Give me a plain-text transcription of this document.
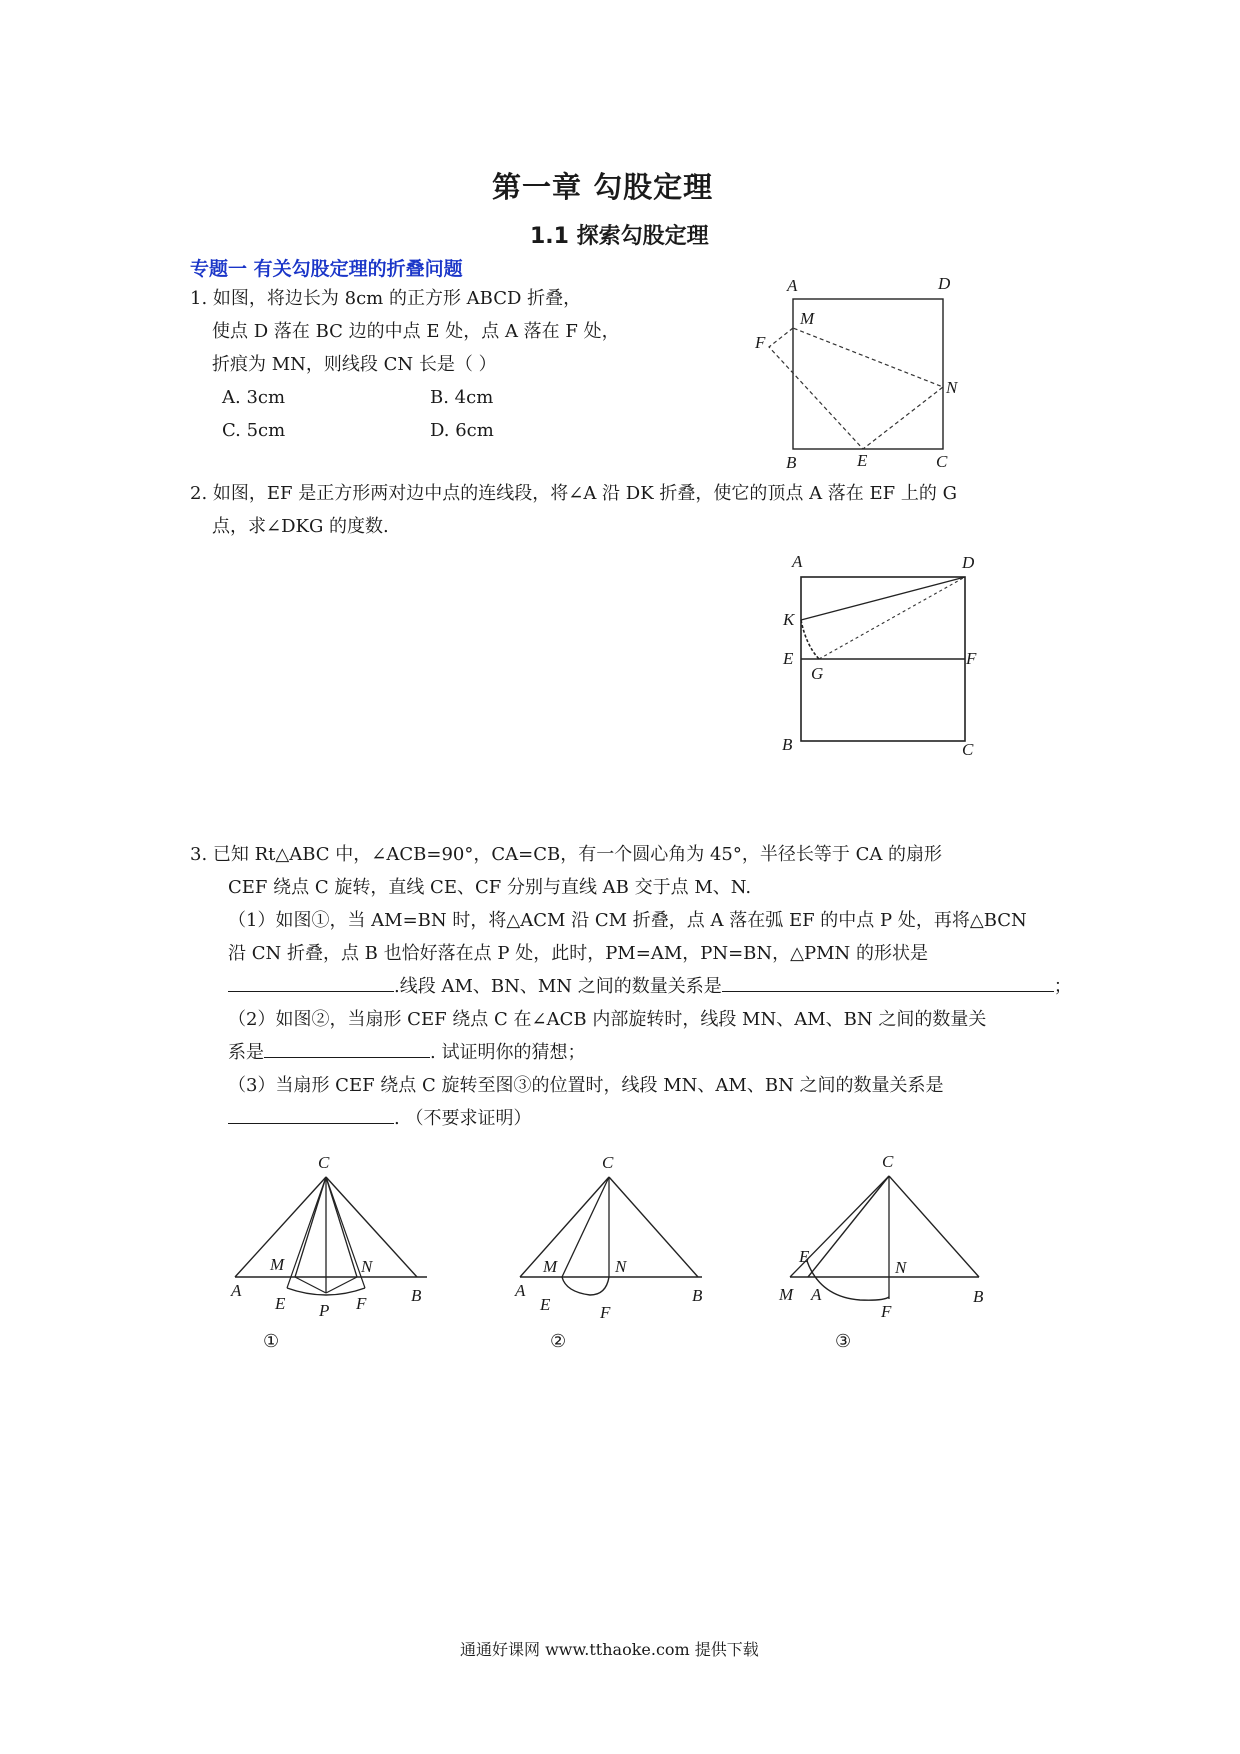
第一章 勾股定理
1.1 探索勾股定理
专题一 有关勾股定理的折叠问题
1. 如图，将边长为 8cm 的正方形 ABCD 折叠，
使点 D 落在 BC 边的中点 E 处，点 A 落在 F 处，
折痕为 MN，则线段 CN 长是（ ）
A. 3cm	B. 4cm
C. 5cm	D. 6cm
A	D
M
F
N
B	E	C
2. 如图，EF 是正方形两对边中点的连线段，将∠A 沿 DK 折叠，使它的顶点 A 落在 EF 上的 G
点，求∠DKG 的度数.
A	D
K
E
G
F
B	C
3. 已知 Rt△ABC 中，∠ACB=90°，CA=CB，有一个圆心角为 45°，半径长等于 CA 的扇形
CEF 绕点 C 旋转，直线 CE、CF 分别与直线 AB 交于点 M、N.
（1）如图①，当 AM=BN 时，将△ACM 沿 CM 折叠，点 A 落在弧 EF 的中点 P 处，再将△BCN
沿 CN 折叠，点 B 也恰好落在点 P 处，此时，PM=AM，PN=BN，△PMN 的形状是
.线段 AM、BN、MN 之间的数量关系是	；
（2）如图②，当扇形 CEF 绕点 C 在∠ACB 内部旋转时，线段 MN、AM、BN 之间的数量关
系是	. 试证明你的猜想；
（3）当扇形 CEF 绕点 C 旋转至图③的位置时，线段 MN、AM、BN 之间的数量关系是
. （不要求证明）
C
M	N
A
E P F	B
①
C
M	N
A
E	F
B
②
C
E
N
M A
F
B
③
通通好课网 www.tthaoke.com 提供下载
